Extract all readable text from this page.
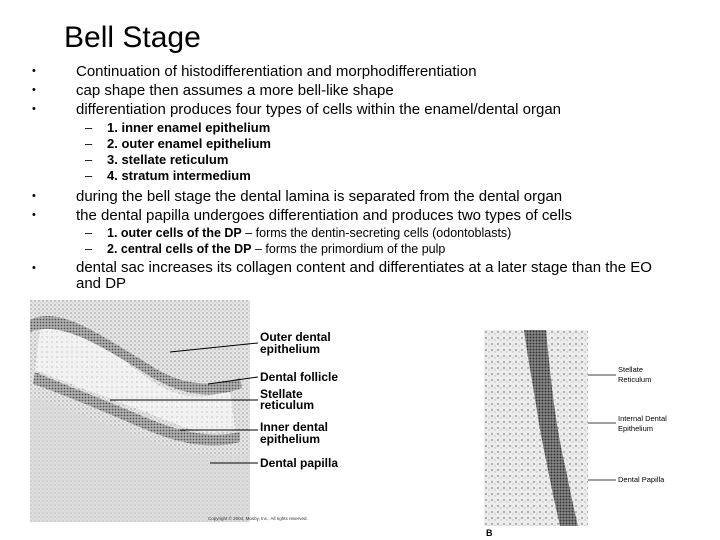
Bell Stage
•	Continuation of histodifferentiation and morphodifferentiation
•	cap shape then assumes a more bell-like shape
•	differentiation produces four types of cells within the enamel/dental organ
– 1. inner enamel epithelium
– 2. outer enamel epithelium
– 3. stellate reticulum
– 4. stratum intermedium
•	during the bell stage the dental lamina is separated from the dental organ
•	the dental papilla undergoes differentiation and produces two types of cells
– 1. outer cells of the DP – forms the dentin-secreting cells (odontoblasts)
– 2. central cells of the DP – forms the primordium of the pulp
•	dental sac increases its collagen content and differentiates at a later stage than the EO and DP
Outer dental
epithelium
Dental follicle
Stellate
reticulum
Inner dental
epithelium
Dental papilla
Copyright © 2004, Mosby, Inc., All rights reserved.
Stellate
Reticulum
Internal Dental
Epithelium
Dental Papilla
B
